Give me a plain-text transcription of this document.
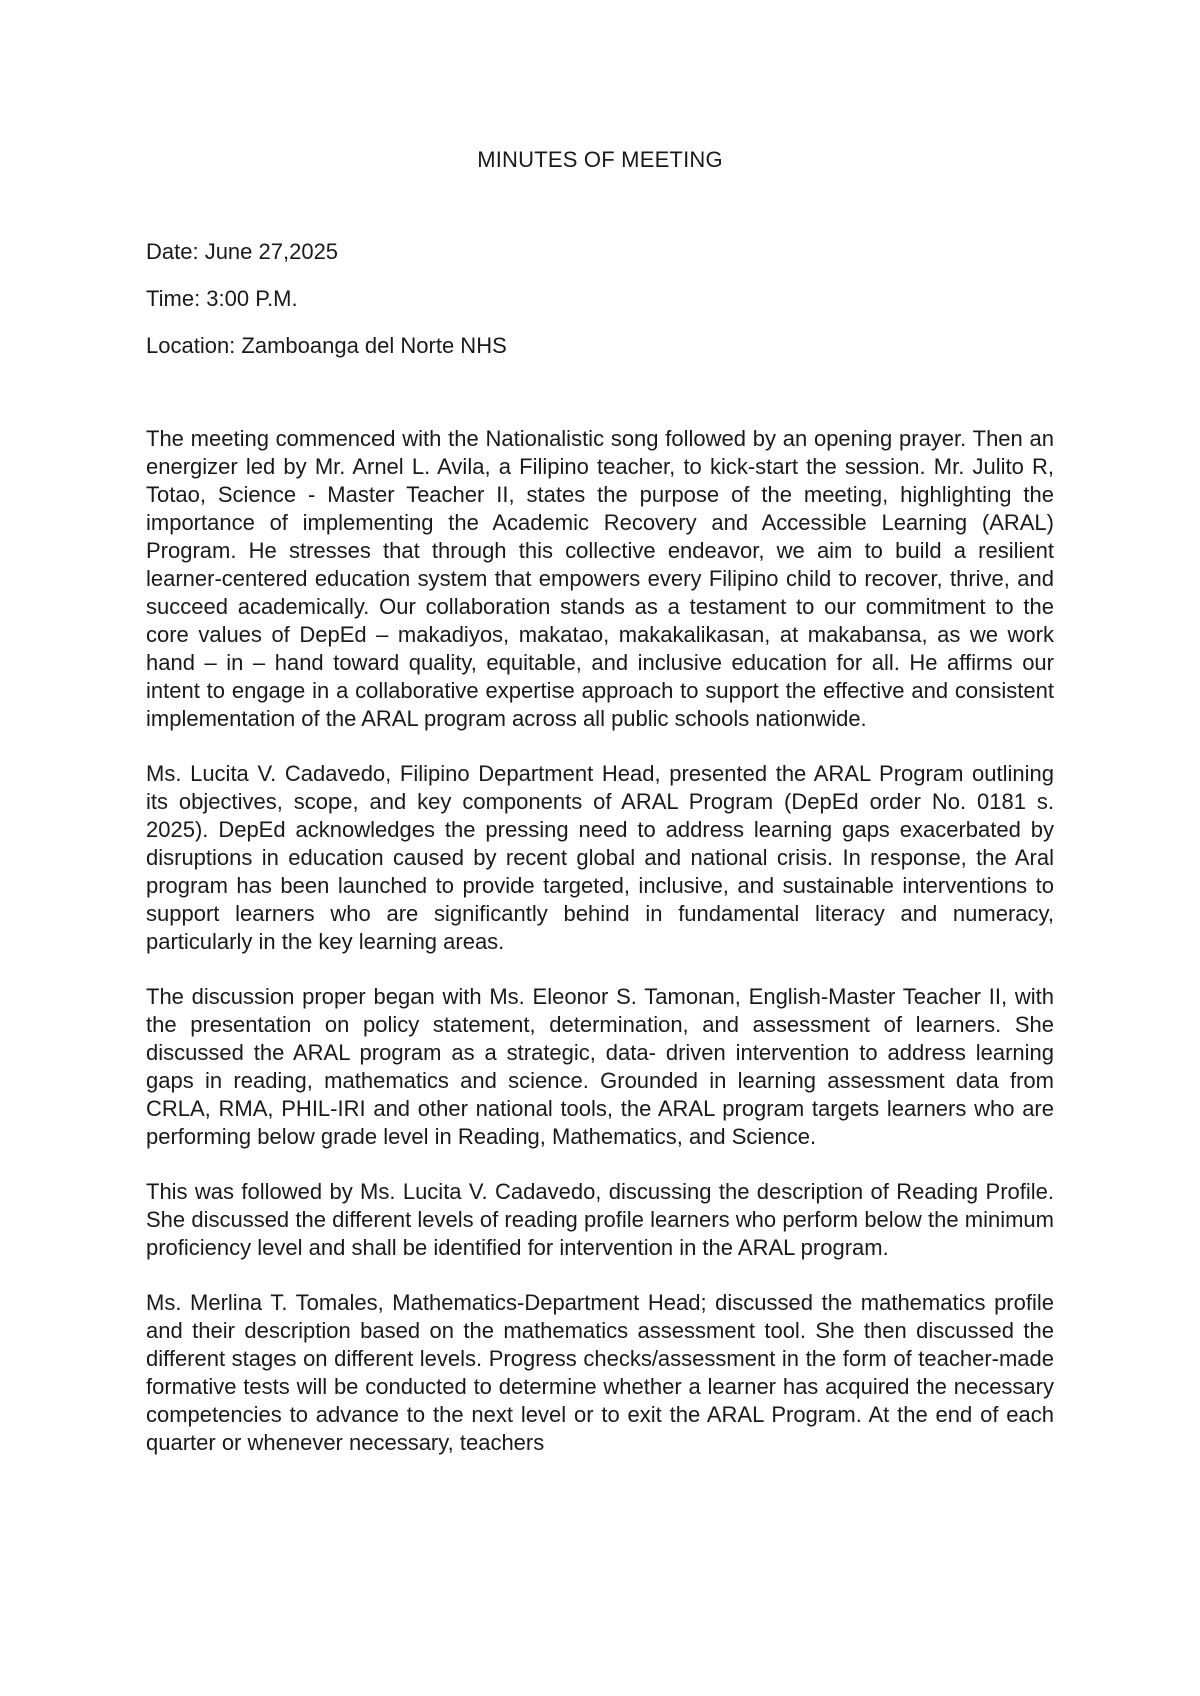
MINUTES OF MEETING
Date: June 27,2025
Time: 3:00 P.M.
Location: Zamboanga del Norte NHS

The meeting commenced with the Nationalistic song followed by an opening prayer. Then an energizer led by Mr. Arnel L. Avila, a Filipino teacher, to kick-start the session. Mr. Julito R, Totao, Science - Master Teacher II, states the purpose of the meeting, highlighting the importance of implementing the Academic Recovery and Accessible Learning (ARAL) Program. He stresses that through this collective endeavor, we aim to build a resilient learner-centered education system that empowers every Filipino child to recover, thrive, and succeed academically. Our collaboration stands as a testament to our commitment to the core values of DepEd – makadiyos, makatao, makakalikasan, at makabansa, as we work hand – in – hand toward quality, equitable, and inclusive education for all. He affirms our intent to engage in a collaborative expertise approach to support the effective and consistent implementation of the ARAL program across all public schools nationwide.

Ms. Lucita V. Cadavedo, Filipino Department Head, presented the ARAL Program outlining its objectives, scope, and key components of ARAL Program (DepEd order No. 0181 s. 2025). DepEd acknowledges the pressing need to address learning gaps exacerbated by disruptions in education caused by recent global and national crisis. In response, the Aral program has been launched to provide targeted, inclusive, and sustainable interventions to support learners who are significantly behind in fundamental literacy and numeracy, particularly in the key learning areas.

The discussion proper began with Ms. Eleonor S. Tamonan, English-Master Teacher II, with the presentation on policy statement, determination, and assessment of learners. She discussed the ARAL program as a strategic, data- driven intervention to address learning gaps in reading, mathematics and science. Grounded in learning assessment data from CRLA, RMA, PHIL-IRI and other national tools, the ARAL program targets learners who are performing below grade level in Reading, Mathematics, and Science.

This was followed by Ms. Lucita V. Cadavedo, discussing the description of Reading Profile. She discussed the different levels of reading profile learners who perform below the minimum proficiency level and shall be identified for intervention in the ARAL program.

Ms. Merlina T. Tomales, Mathematics-Department Head; discussed the mathematics profile and their description based on the mathematics assessment tool. She then discussed the different stages on different levels. Progress checks/assessment in the form of teacher-made formative tests will be conducted to determine whether a learner has acquired the necessary competencies to advance to the next level or to exit the ARAL Program. At the end of each quarter or whenever necessary, teachers
